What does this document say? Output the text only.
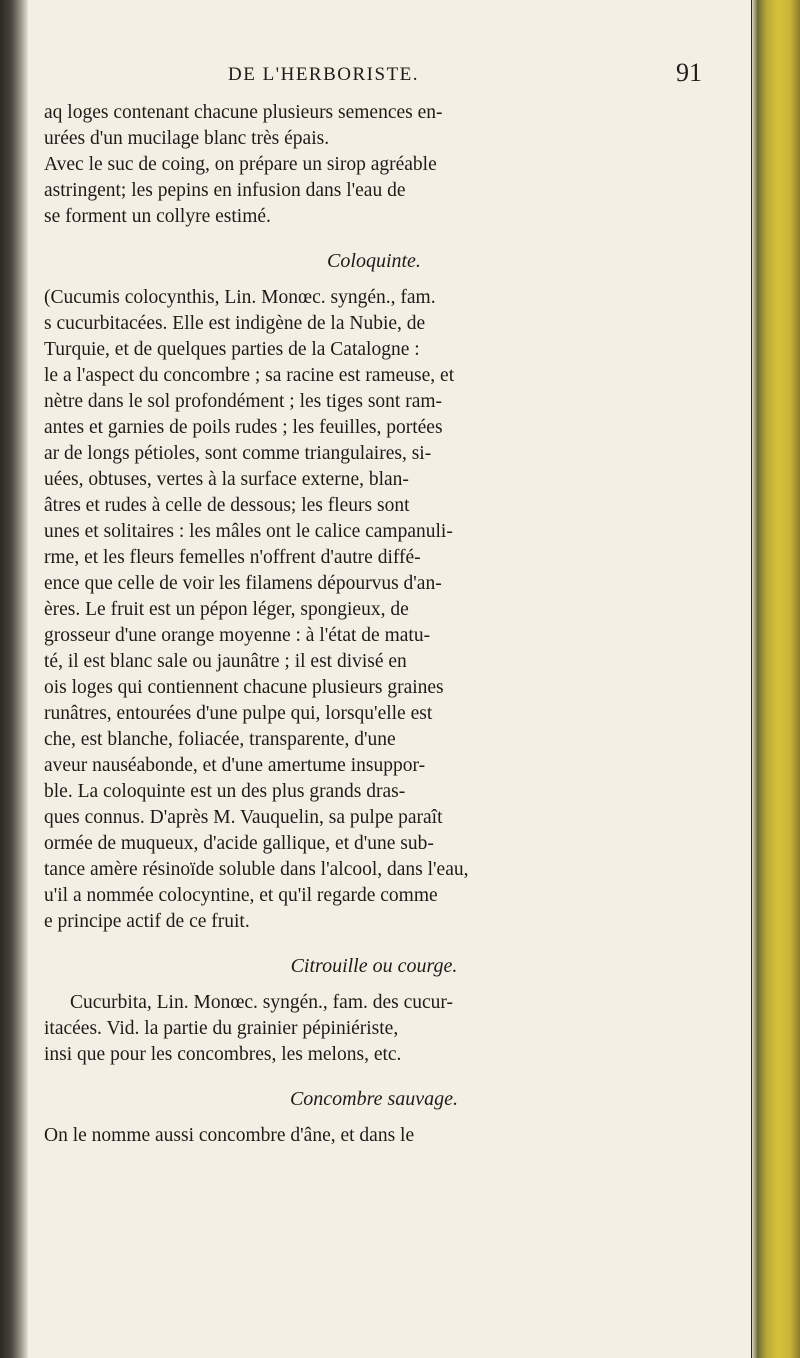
DE L'HERBORISTE.	91

aq loges contenant chacune plusieurs semences en-
urées d'un mucilage blanc très épais.
Avec le suc de coing, on prépare un sirop agréable
astringent; les pepins en infusion dans l'eau de
se forment un collyre estimé.

Coloquinte.

(Cucumis colocynthis, Lin. Monœc. syngén., fam.
s cucurbitacées. Elle est indigène de la Nubie, de
Turquie, et de quelques parties de la Catalogne :
le a l'aspect du concombre ; sa racine est rameuse, et
nètre dans le sol profondément ; les tiges sont ram-
antes et garnies de poils rudes ; les feuilles, portées
ar de longs pétioles, sont comme triangulaires, si-
uées, obtuses, vertes à la surface externe, blan-
âtres et rudes à celle de dessous; les fleurs sont
unes et solitaires : les mâles ont le calice campanuli-
rme, et les fleurs femelles n'offrent d'autre diffé-
ence que celle de voir les filamens dépourvus d'an-
ères. Le fruit est un pépon léger, spongieux, de
grosseur d'une orange moyenne : à l'état de matu-
té, il est blanc sale ou jaunâtre ; il est divisé en
ois loges qui contiennent chacune plusieurs graines
runâtres, entourées d'une pulpe qui, lorsqu'elle est
che, est blanche, foliacée, transparente, d'une
aveur nauséabonde, et d'une amertume insuppor-
ble. La coloquinte est un des plus grands dras-
ques connus. D'après M. Vauquelin, sa pulpe paraît
ormée de muqueux, d'acide gallique, et d'une sub-
tance amère résinoïde soluble dans l'alcool, dans l'eau,
u'il a nommée colocyntine, et qu'il regarde comme
e principe actif de ce fruit.

Citrouille ou courge.

Cucurbita, Lin. Monœc. syngén., fam. des cucur-
itacées. Vid. la partie du grainier pépiniériste,
insi que pour les concombres, les melons, etc.

Concombre sauvage.

On le nomme aussi concombre d'âne, et dans le
